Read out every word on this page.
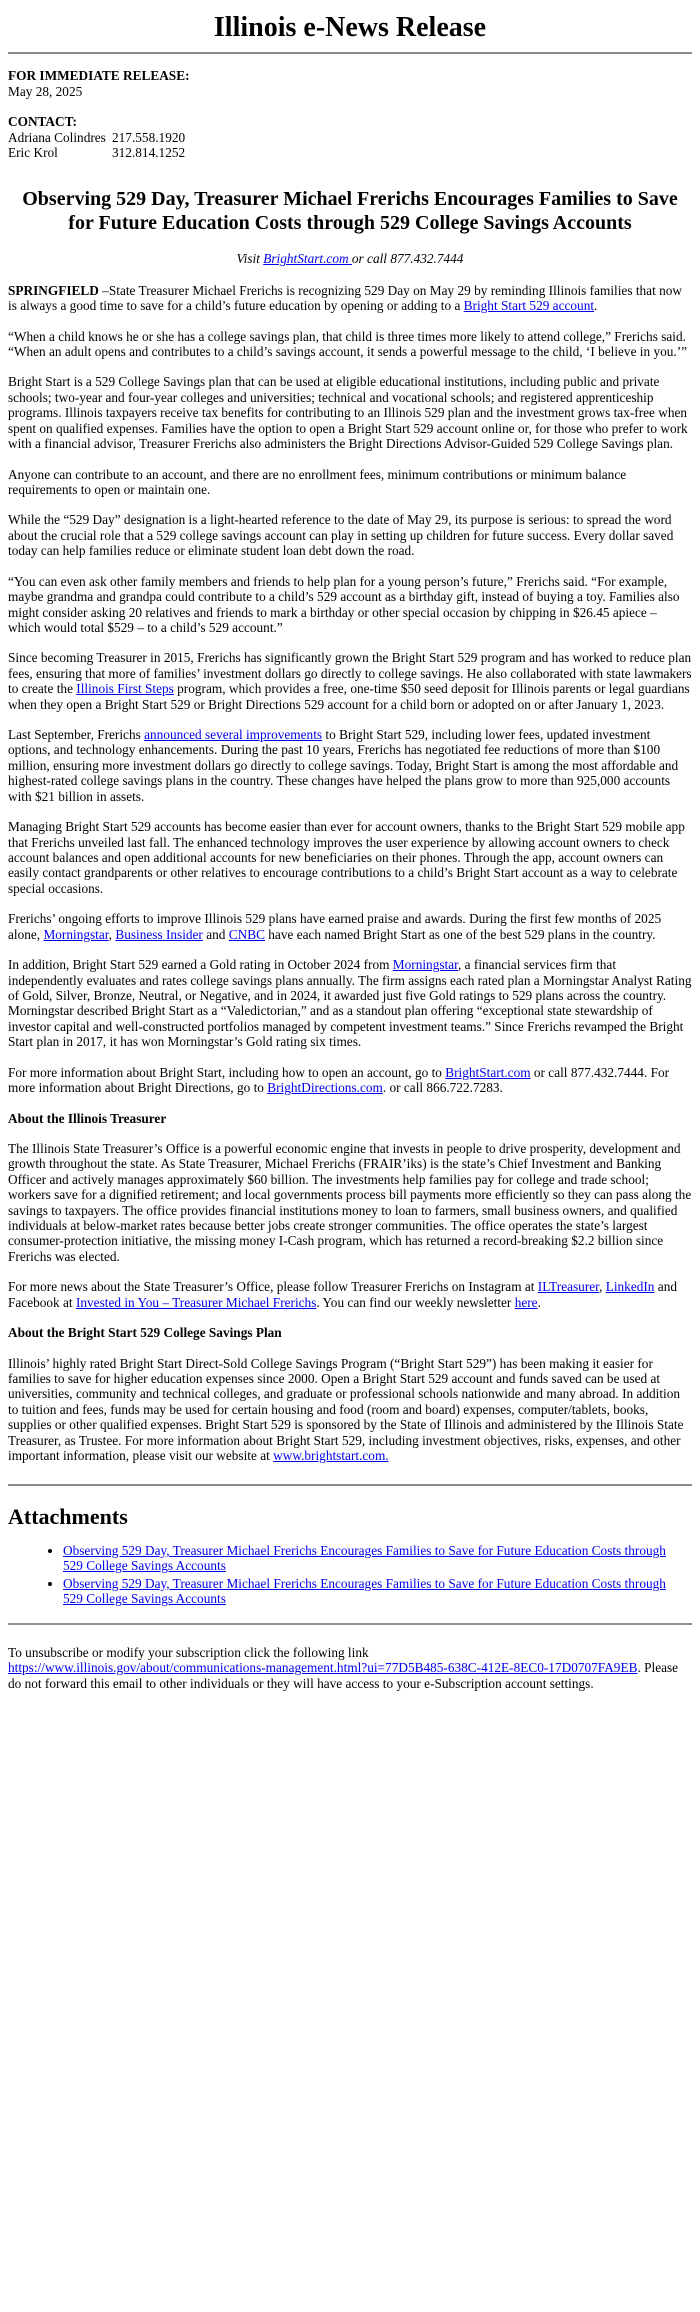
Illinois e-News Release
FOR IMMEDIATE RELEASE:
May 28, 2025
CONTACT:
Adriana Colindres 217.558.1920
Eric Krol	312.814.1252
Observing 529 Day, Treasurer Michael Frerichs Encourages Families to Save for Future Education Costs through 529 College Savings Accounts
Visit BrightStart.com or call 877.432.7444

SPRINGFIELD –State Treasurer Michael Frerichs is recognizing 529 Day on May 29 by reminding Illinois families that now is always a good time to save for a child’s future education by opening or adding to a Bright Start 529 account.

“When a child knows he or she has a college savings plan, that child is three times more likely to attend college,” Frerichs said. “When an adult opens and contributes to a child’s savings account, it sends a powerful message to the child, ‘I believe in you.’”

Bright Start is a 529 College Savings plan that can be used at eligible educational institutions, including public and private schools; two-year and four-year colleges and universities; technical and vocational schools; and registered apprenticeship programs. Illinois taxpayers receive tax benefits for contributing to an Illinois 529 plan and the investment grows tax-free when spent on qualified expenses. Families have the option to open a Bright Start 529 account online or, for those who prefer to work with a financial advisor, Treasurer Frerichs also administers the Bright Directions Advisor-Guided 529 College Savings plan.

Anyone can contribute to an account, and there are no enrollment fees, minimum contributions or minimum balance requirements to open or maintain one.

While the “529 Day” designation is a light-hearted reference to the date of May 29, its purpose is serious: to spread the word about the crucial role that a 529 college savings account can play in setting up children for future success. Every dollar saved today can help families reduce or eliminate student loan debt down the road.

“You can even ask other family members and friends to help plan for a young person’s future,” Frerichs said. “For example, maybe grandma and grandpa could contribute to a child’s 529 account as a birthday gift, instead of buying a toy. Families also might consider asking 20 relatives and friends to mark a birthday or other special occasion by chipping in $26.45 apiece – which would total $529 – to a child’s 529 account.”

Since becoming Treasurer in 2015, Frerichs has significantly grown the Bright Start 529 program and has worked to reduce plan fees, ensuring that more of families’ investment dollars go directly to college savings. He also collaborated with state lawmakers to create the Illinois First Steps program, which provides a free, one-time $50 seed deposit for Illinois parents or legal guardians when they open a Bright Start 529 or Bright Directions 529 account for a child born or adopted on or after January 1, 2023.

Last September, Frerichs announced several improvements to Bright Start 529, including lower fees, updated investment options, and technology enhancements. During the past 10 years, Frerichs has negotiated fee reductions of more than $100 million, ensuring more investment dollars go directly to college savings. Today, Bright Start is among the most affordable and highest-rated college savings plans in the country. These changes have helped the plans grow to more than 925,000 accounts with $21 billion in assets.

Managing Bright Start 529 accounts has become easier than ever for account owners, thanks to the Bright Start 529 mobile app that Frerichs unveiled last fall. The enhanced technology improves the user experience by allowing account owners to check account balances and open additional accounts for new beneficiaries on their phones. Through the app, account owners can easily contact grandparents or other relatives to encourage contributions to a child’s Bright Start account as a way to celebrate special occasions.

Frerichs’ ongoing efforts to improve Illinois 529 plans have earned praise and awards. During the first few months of 2025 alone, Morningstar, Business Insider and CNBC have each named Bright Start as one of the best 529 plans in the country.

In addition, Bright Start 529 earned a Gold rating in October 2024 from Morningstar, a financial services firm that independently evaluates and rates college savings plans annually. The firm assigns each rated plan a Morningstar Analyst Rating of Gold, Silver, Bronze, Neutral, or Negative, and in 2024, it awarded just five Gold ratings to 529 plans across the country. Morningstar described Bright Start as a “Valedictorian,” and as a standout plan offering “exceptional state stewardship of investor capital and well-constructed portfolios managed by competent investment teams.” Since Frerichs revamped the Bright Start plan in 2017, it has won Morningstar’s Gold rating six times.

For more information about Bright Start, including how to open an account, go to BrightStart.com or call 877.432.7444. For more information about Bright Directions, go to BrightDirections.com. or call 866.722.7283.

About the Illinois Treasurer

The Illinois State Treasurer’s Office is a powerful economic engine that invests in people to drive prosperity, development and growth throughout the state. As State Treasurer, Michael Frerichs (FRAIR’iks) is the state’s Chief Investment and Banking Officer and actively manages approximately $60 billion. The investments help families pay for college and trade school; workers save for a dignified retirement; and local governments process bill payments more efficiently so they can pass along the savings to taxpayers. The office provides financial institutions money to loan to farmers, small business owners, and qualified individuals at below-market rates because better jobs create stronger communities. The office operates the state’s largest consumer-protection initiative, the missing money I-Cash program, which has returned a record-breaking $2.2 billion since Frerichs was elected.

For more news about the State Treasurer’s Office, please follow Treasurer Frerichs on Instagram at ILTreasurer, LinkedIn and Facebook at Invested in You – Treasurer Michael Frerichs. You can find our weekly newsletter here.

About the Bright Start 529 College Savings Plan

Illinois’ highly rated Bright Start Direct-Sold College Savings Program (“Bright Start 529”) has been making it easier for families to save for higher education expenses since 2000. Open a Bright Start 529 account and funds saved can be used at universities, community and technical colleges, and graduate or professional schools nationwide and many abroad. In addition to tuition and fees, funds may be used for certain housing and food (room and board) expenses, computer/tablets, books, supplies or other qualified expenses. Bright Start 529 is sponsored by the State of Illinois and administered by the Illinois State Treasurer, as Trustee. For more information about Bright Start 529, including investment objectives, risks, expenses, and other important information, please visit our website at www.brightstart.com.

Attachments
• Observing 529 Day, Treasurer Michael Frerichs Encourages Families to Save for Future Education Costs through 529 College Savings Accounts
• Observing 529 Day, Treasurer Michael Frerichs Encourages Families to Save for Future Education Costs through 529 College Savings Accounts

To unsubscribe or modify your subscription click the following link
https://www.illinois.gov/about/communications-management.html?ui=77D5B485-638C-412E-8EC0-17D0707FA9EB. Please do not forward this email to other individuals or they will have access to your e-Subscription account settings.
